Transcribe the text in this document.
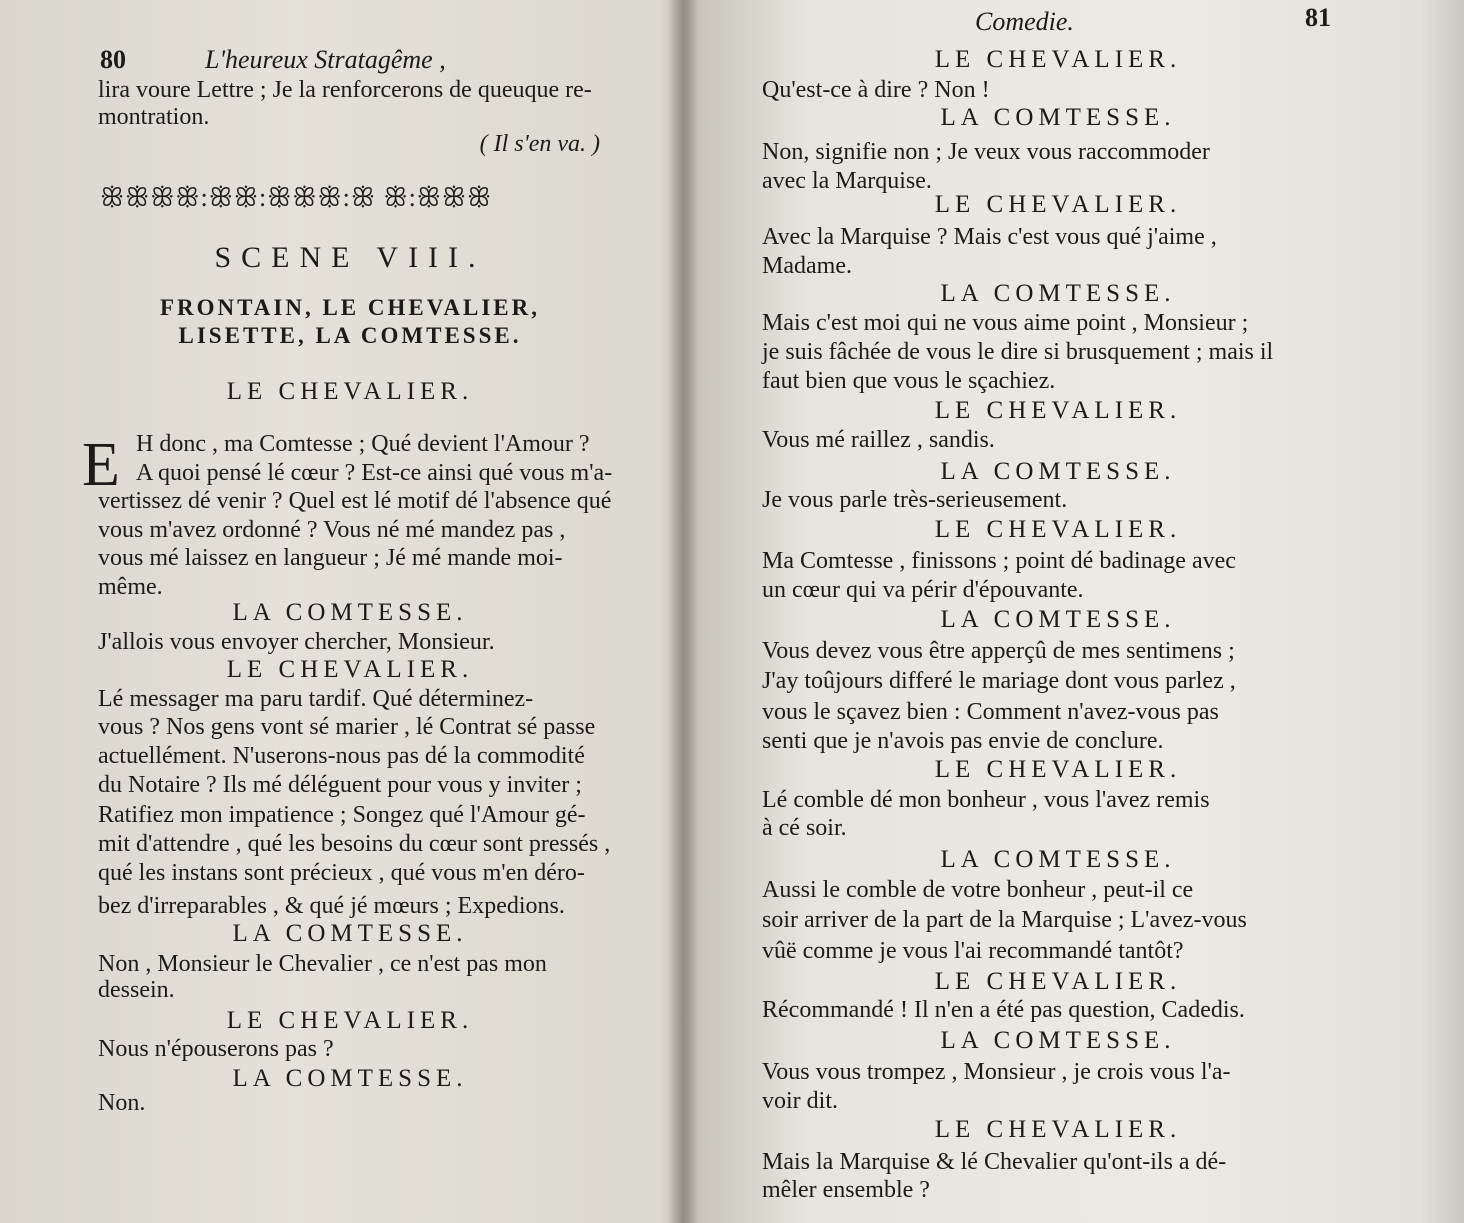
80	L'heureux Stratagême ,
ꕥꕥꕥꕥ:ꕥꕥ:ꕥꕥꕥ:ꕥ ꕥ:ꕥꕥꕥ
E
lira voure Lettre ; Je la renforcerons de queuque re-
montration.
( Il s'en va. )
SCENE VIII.
FRONTAIN, LE CHEVALIER,
LISETTE, LA COMTESSE.
LE CHEVALIER.
H donc , ma Comtesse ; Qué devient l'Amour ?
A quoi pensé lé cœur ? Est-ce ainsi qué vous m'a-
vertissez dé venir ? Quel est lé motif dé l'absence qué
vous m'avez ordonné ? Vous né mé mandez pas ,
vous mé laissez en langueur ; Jé mé mande moi-
même.
LA COMTESSE.
J'allois vous envoyer chercher, Monsieur.
LE CHEVALIER.
Lé messager ma paru tardif. Qué déterminez-
vous ? Nos gens vont sé marier , lé Contrat sé passe
actuellément. N'userons-nous pas dé la commodité
du Notaire ? Ils mé déléguent pour vous y inviter ;
Ratifiez mon impatience ; Songez qué l'Amour gé-
mit d'attendre , qué les besoins du cœur sont pressés ,
qué les instans sont précieux , qué vous m'en déro-
bez d'irreparables , & qué jé mœurs ; Expedions.
LA COMTESSE.
Non , Monsieur le Chevalier , ce n'est pas mon
dessein.
LE CHEVALIER.
Nous n'épouserons pas ?
LA COMTESSE.
Non.
Comedie.	81
LE CHEVALIER.
Qu'est-ce à dire ? Non !
LA COMTESSE.
Non, signifie non ; Je veux vous raccommoder
avec la Marquise.
LE CHEVALIER.
Avec la Marquise ? Mais c'est vous qué j'aime ,
Madame.
LA COMTESSE.
Mais c'est moi qui ne vous aime point , Monsieur ;
je suis fâchée de vous le dire si brusquement ; mais il
faut bien que vous le sçachiez.
LE CHEVALIER.
Vous mé raillez , sandis.
LA COMTESSE.
Je vous parle très-serieusement.
LE CHEVALIER.
Ma Comtesse , finissons ; point dé badinage avec
un cœur qui va périr d'épouvante.
LA COMTESSE.
Vous devez vous être apperçû de mes sentimens ;
J'ay toûjours differé le mariage dont vous parlez ,
vous le sçavez bien : Comment n'avez-vous pas
senti que je n'avois pas envie de conclure.
LE CHEVALIER.
Lé comble dé mon bonheur , vous l'avez remis
à cé soir.
LA COMTESSE.
Aussi le comble de votre bonheur , peut-il ce
soir arriver de la part de la Marquise ; L'avez-vous
vûë comme je vous l'ai recommandé tantôt?
LE CHEVALIER.
Récommandé ! Il n'en a été pas question, Cadedis.
LA COMTESSE.
Vous vous trompez , Monsieur , je crois vous l'a-
voir dit.
LE CHEVALIER.
Mais la Marquise & lé Chevalier qu'ont-ils a dé-
mêler ensemble ?
